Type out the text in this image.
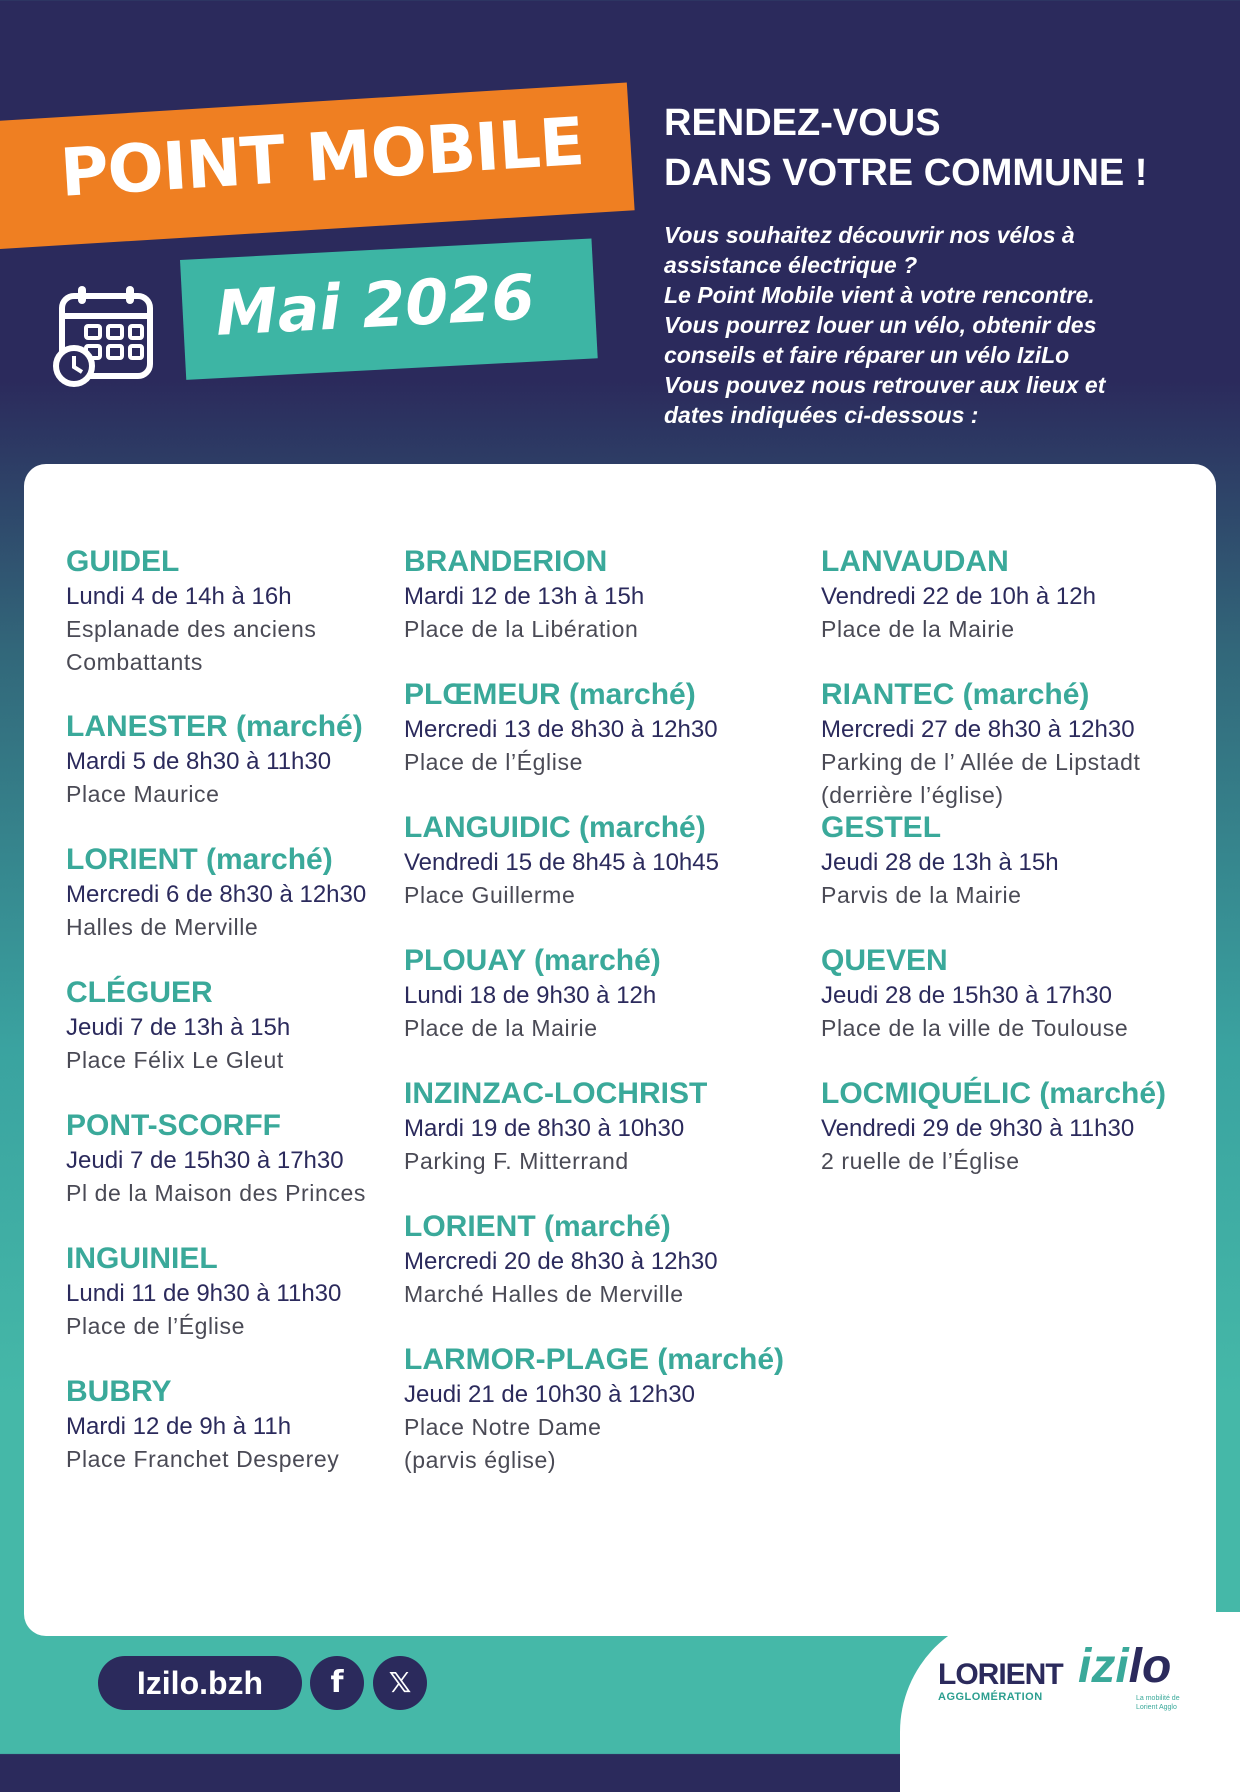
POINT MOBILE
Mai 2026
RENDEZ-VOUS
DANS VOTRE COMMUNE !
Vous souhaitez découvrir nos vélos à
assistance électrique ?
Le Point Mobile vient à votre rencontre.
Vous pourrez louer un vélo, obtenir des
conseils et faire réparer un vélo IziLo
Vous pouvez nous retrouver aux lieux et
dates indiquées ci-dessous :
GUIDEL
Lundi 4 de 14h à 16h
Esplanade des anciens
Combattants
LANESTER (marché)
Mardi 5 de 8h30 à 11h30
Place Maurice
LORIENT (marché)
Mercredi 6 de 8h30 à 12h30
Halles de Merville
CLÉGUER
Jeudi 7 de 13h à 15h
Place Félix Le Gleut
PONT-SCORFF
Jeudi 7 de 15h30 à 17h30
Pl de la Maison des Princes
INGUINIEL
Lundi 11 de 9h30 à 11h30
Place de l’Église
BUBRY
Mardi 12 de 9h à 11h
Place Franchet Desperey
BRANDERION
Mardi 12 de 13h à 15h
Place de la Libération
PLŒMEUR (marché)
Mercredi 13 de 8h30 à 12h30
Place de l’Église
LANGUIDIC (marché)
Vendredi 15 de 8h45 à 10h45
Place Guillerme
PLOUAY (marché)
Lundi 18 de 9h30 à 12h
Place de la Mairie
INZINZAC-LOCHRIST
Mardi 19 de 8h30 à 10h30
Parking F. Mitterrand
LORIENT (marché)
Mercredi 20 de 8h30 à 12h30
Marché Halles de Merville
LARMOR-PLAGE (marché)
Jeudi 21 de 10h30 à 12h30
Place Notre Dame
(parvis église)
LANVAUDAN
Vendredi 22 de 10h à 12h
Place de la Mairie
RIANTEC (marché)
Mercredi 27 de 8h30 à 12h30
Parking de l’ Allée de Lipstadt
(derrière l’église)
GESTEL
Jeudi 28 de 13h à 15h
Parvis de la Mairie
QUEVEN
Jeudi 28 de 15h30 à 17h30
Place de la ville de Toulouse
LOCMIQUÉLIC (marché)
Vendredi 29 de 9h30 à 11h30
2 ruelle de l’Église
Izilo.bzh	f	𝕏	LORIENT
AGGLOMÉRATION
izilo
La mobilité de Lorient Agglo
